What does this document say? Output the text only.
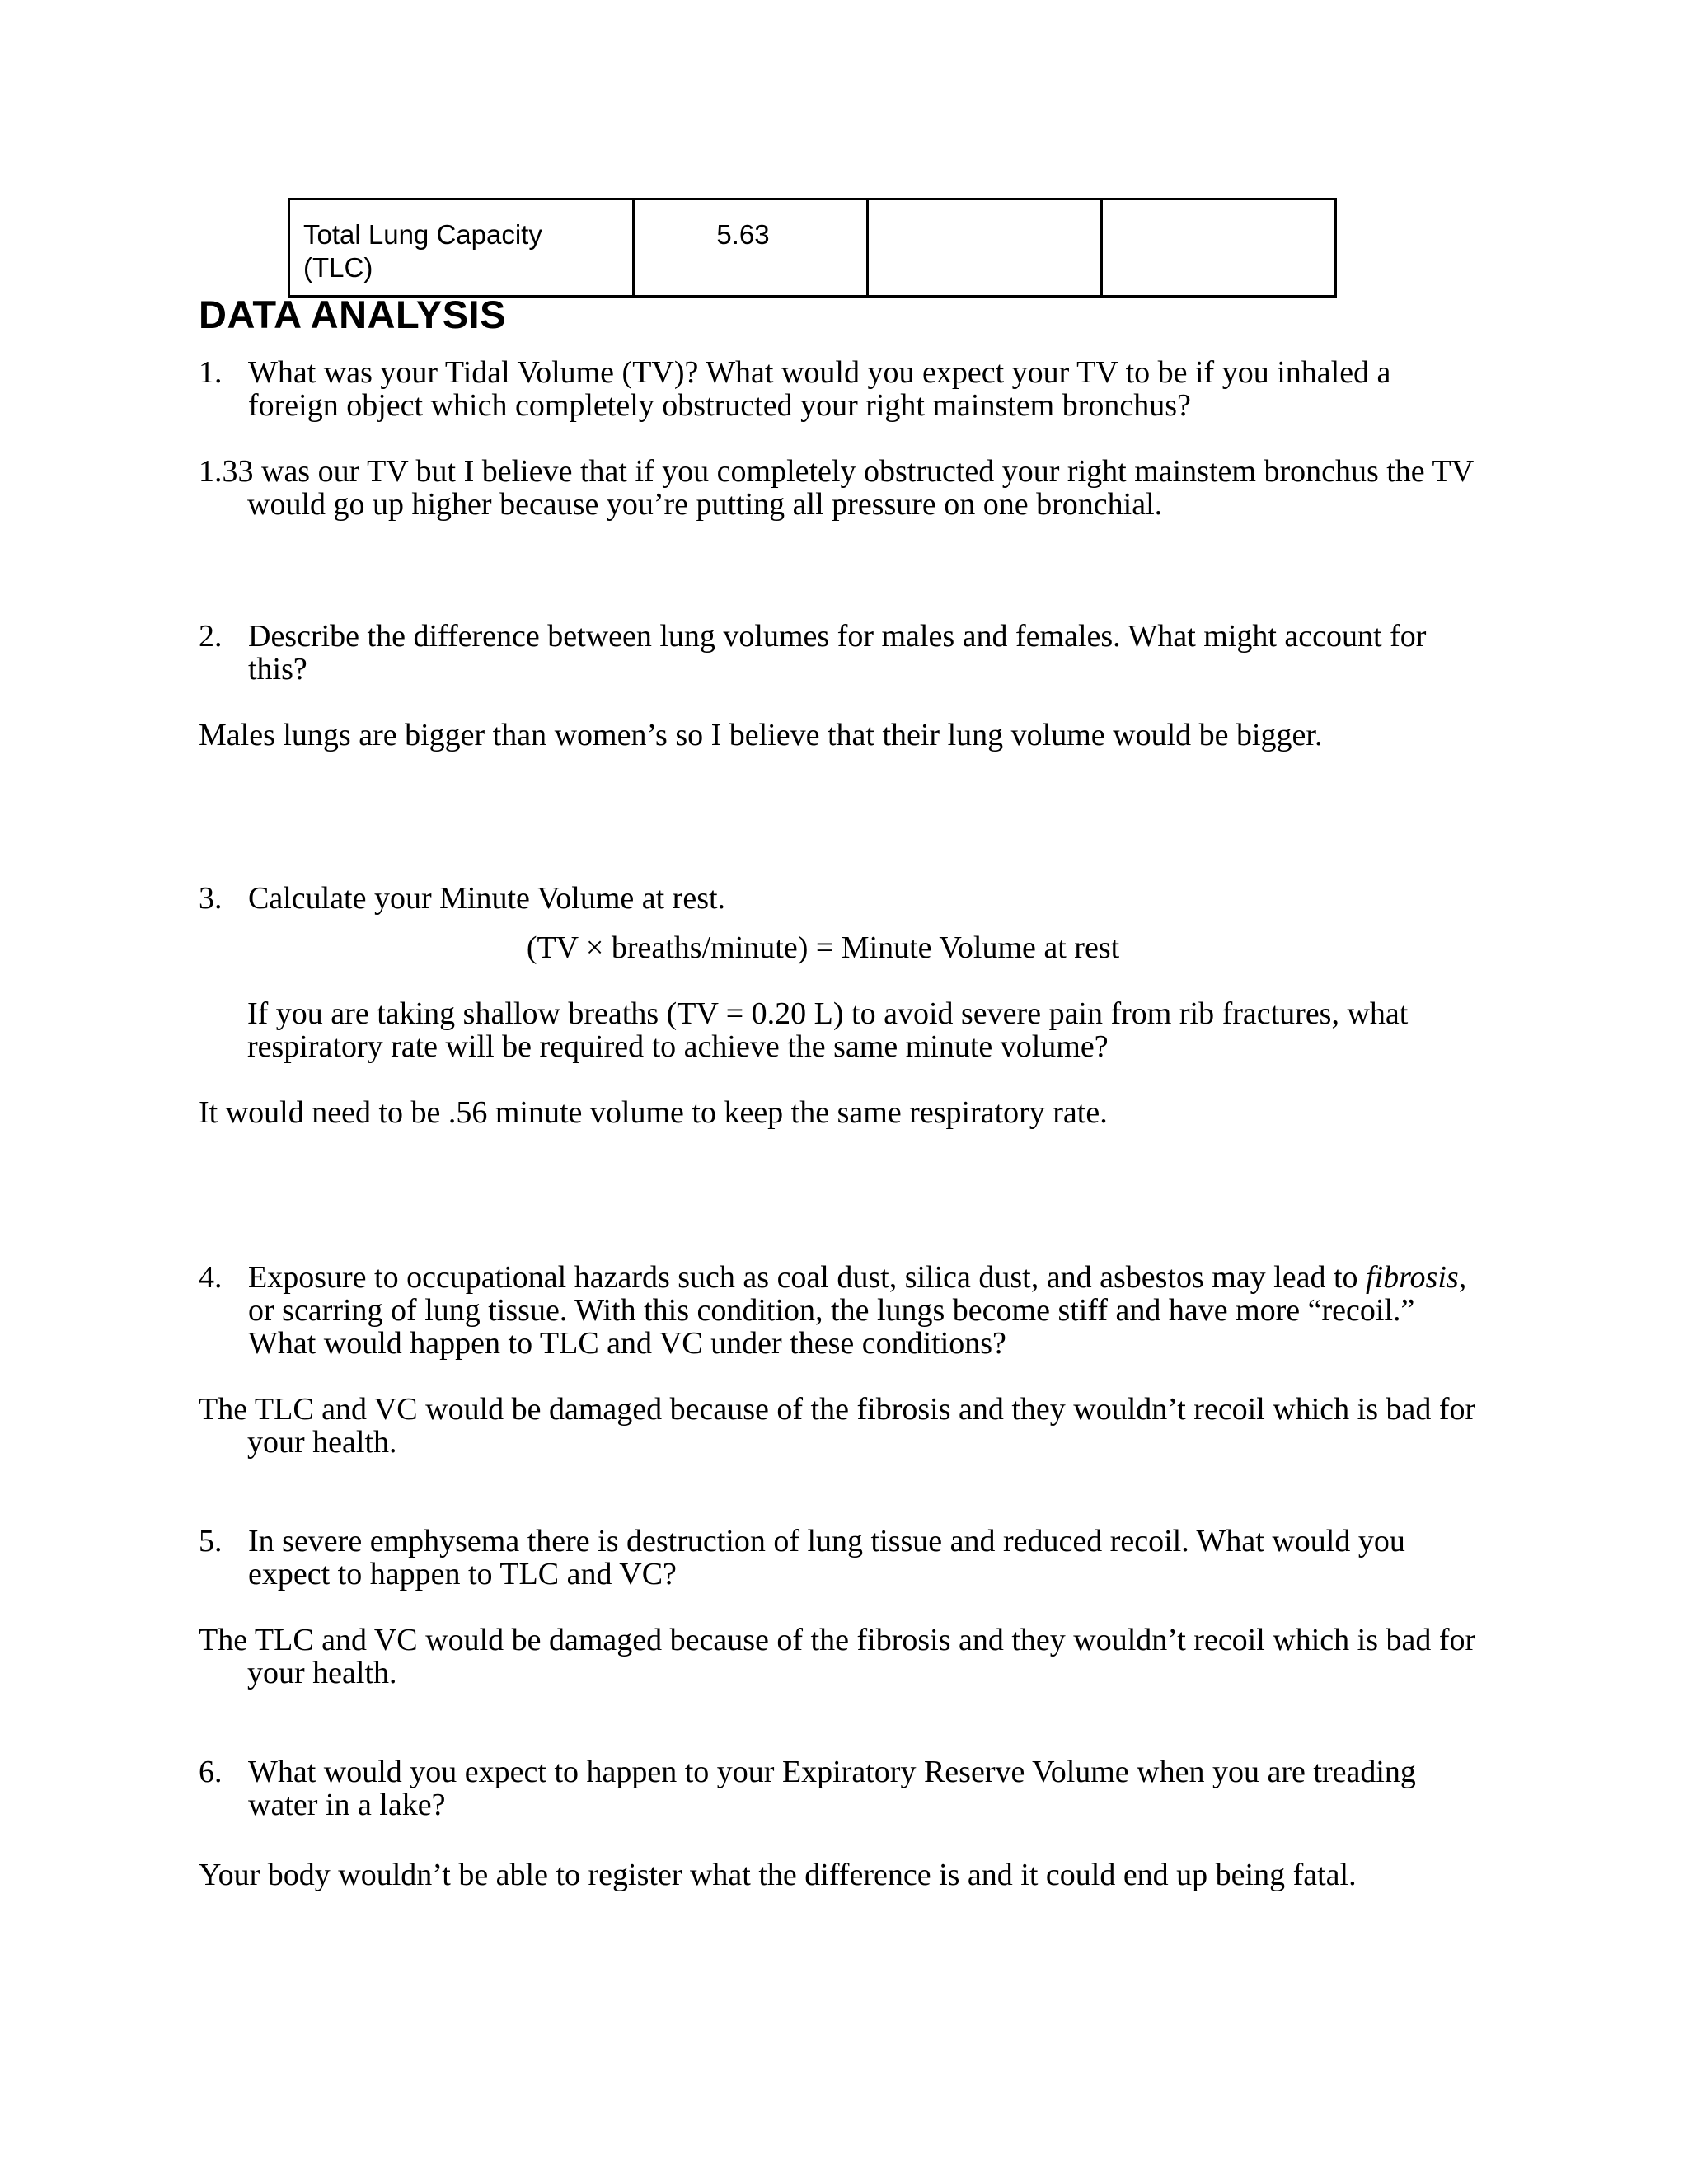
Total Lung Capacity
(TLC)	5.63		
DATA ANALYSIS
1. What was your Tidal Volume (TV)? What would you expect your TV to be if you inhaled a foreign object which completely obstructed your right mainstem bronchus?
1.33 was our TV but I believe that if you completely obstructed your right mainstem bronchus the TV would go up higher because you’re putting all pressure on one bronchial.
2. Describe the difference between lung volumes for males and females. What might account for this?
Males lungs are bigger than women’s so I believe that their lung volume would be bigger.
3. Calculate your Minute Volume at rest.
(TV × breaths/minute) = Minute Volume at rest
If you are taking shallow breaths (TV = 0.20 L) to avoid severe pain from rib fractures, what respiratory rate will be required to achieve the same minute volume?
It would need to be .56 minute volume to keep the same respiratory rate.
4. Exposure to occupational hazards such as coal dust, silica dust, and asbestos may lead to fibrosis, or scarring of lung tissue. With this condition, the lungs become stiff and have more “recoil.” What would happen to TLC and VC under these conditions?
The TLC and VC would be damaged because of the fibrosis and they wouldn’t recoil which is bad for your health.
5. In severe emphysema there is destruction of lung tissue and reduced recoil. What would you expect to happen to TLC and VC?
The TLC and VC would be damaged because of the fibrosis and they wouldn’t recoil which is bad for your health.
6. What would you expect to happen to your Expiratory Reserve Volume when you are treading water in a lake?
Your body wouldn’t be able to register what the difference is and it could end up being fatal.
